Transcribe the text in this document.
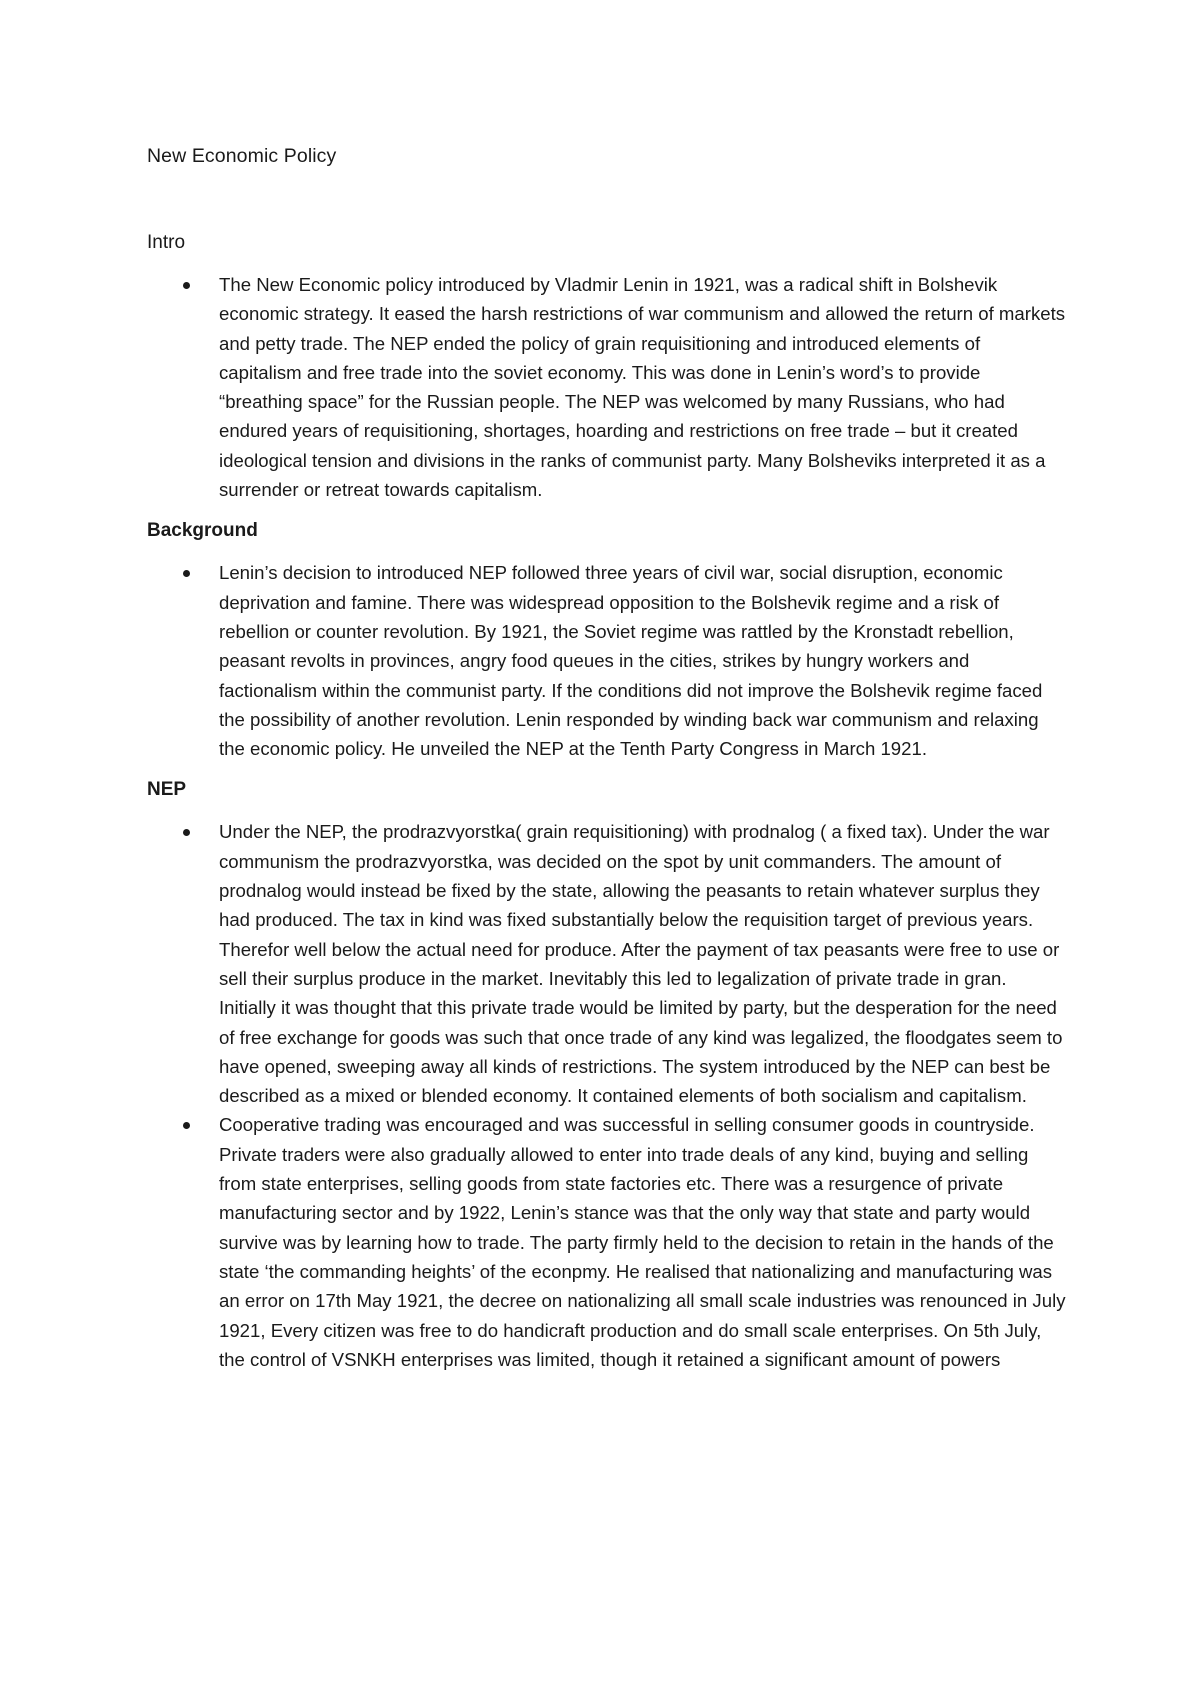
New Economic Policy
Intro
The New Economic policy introduced by Vladmir Lenin in 1921, was a radical shift in Bolshevik economic strategy. It eased the harsh restrictions of war communism and allowed the return of markets and petty trade. The NEP ended the policy of grain requisitioning and introduced elements of capitalism and free trade into the soviet economy. This was done in Lenin’s word’s to provide “breathing space” for the Russian people. The NEP was welcomed by many Russians, who had endured years of requisitioning, shortages, hoarding and restrictions on free trade – but it created ideological tension and divisions in the ranks of communist party. Many Bolsheviks interpreted it as a surrender or retreat towards capitalism.
Background
Lenin’s decision to introduced NEP followed three years of civil war, social disruption, economic deprivation and famine. There was widespread opposition to the Bolshevik regime and a risk of rebellion or counter revolution. By 1921, the Soviet regime was rattled by the Kronstadt rebellion, peasant revolts in provinces, angry food queues in the cities, strikes by hungry workers and factionalism within the communist party. If the conditions did not improve the Bolshevik regime faced the possibility of another revolution. Lenin responded by winding back war communism and relaxing the economic policy. He unveiled the NEP at the Tenth Party Congress in March 1921.
NEP
Under the NEP, the prodrazvyorstka( grain requisitioning) with prodnalog ( a fixed tax). Under the war communism the prodrazvyorstka, was decided on the spot by unit commanders. The amount of prodnalog would instead be fixed by the state, allowing the peasants to retain whatever surplus they had produced. The tax in kind was fixed substantially below the requisition target of previous years. Therefor well below the actual need for produce. After the payment of tax peasants were free to use or sell their surplus produce in the market. Inevitably this led to legalization of private trade in gran. Initially it was thought that this private trade would be limited by party, but the desperation for the need of free exchange for goods was such that once trade of any kind was legalized, the floodgates seem to have opened, sweeping away all kinds of restrictions. The system introduced by the NEP can best be described as a mixed or blended economy. It contained elements of both socialism and capitalism.
Cooperative trading was encouraged and was successful in selling consumer goods in countryside. Private traders were also gradually allowed to enter into trade deals of any kind, buying and selling from state enterprises, selling goods from state factories etc. There was a resurgence of private manufacturing sector and by 1922, Lenin’s stance was that the only way that state and party would survive was by learning how to trade. The party firmly held to the decision to retain in the hands of the state ‘the commanding heights’ of the econpmy. He realised that nationalizing and manufacturing was an error on 17th May 1921, the decree on nationalizing all small scale industries was renounced in July 1921, Every citizen was free to do handicraft production and do small scale enterprises. On 5th July, the control of VSNKH enterprises was limited, though it retained a significant amount of powers
